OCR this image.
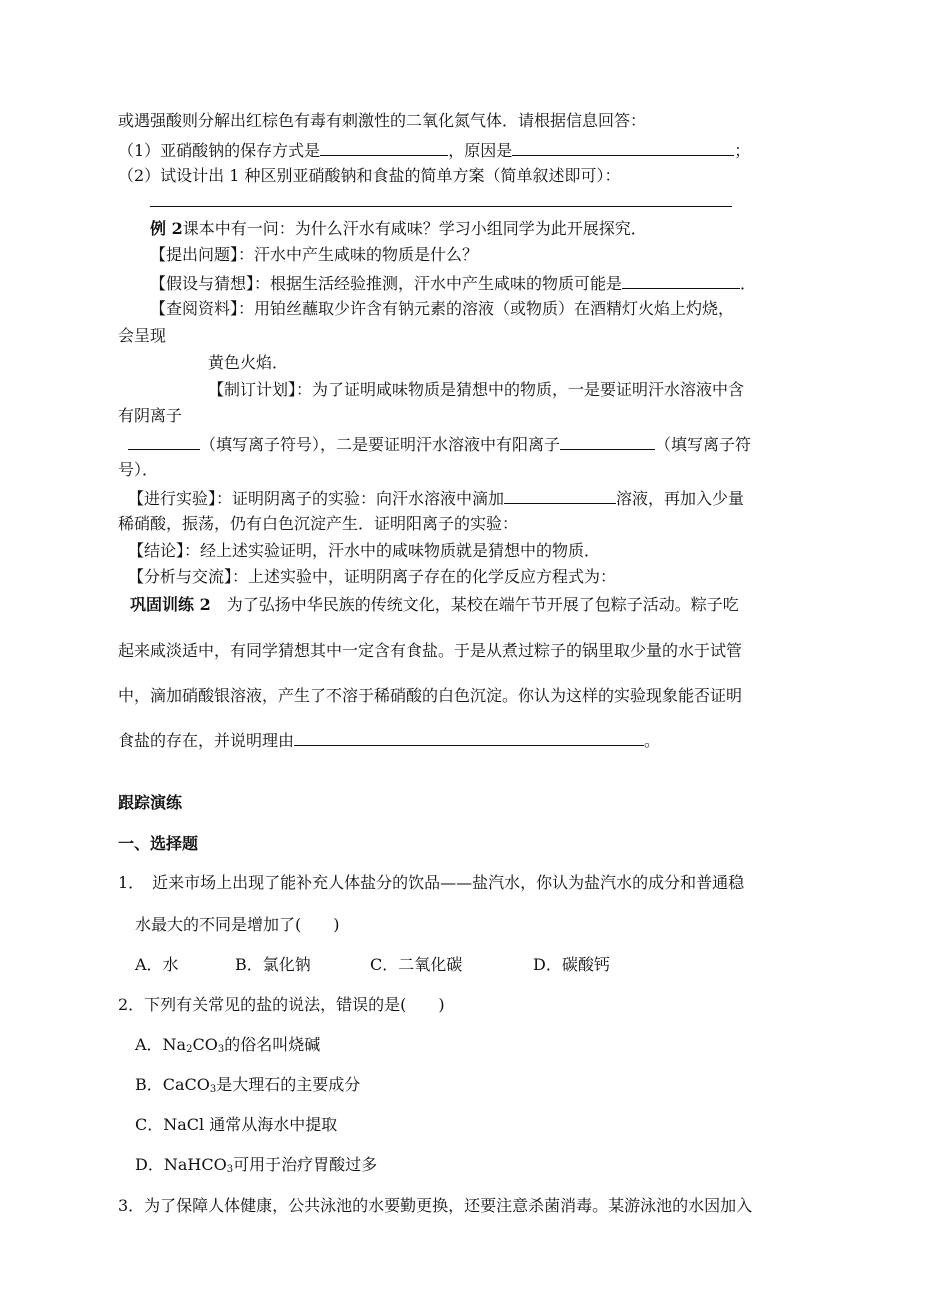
或遇强酸则分解出红棕色有毒有刺激性的二氧化氮气体．请根据信息回答：
（1）亚硝酸钠的保存方式是	，原因是	；
（2）试设计出 1 种区别亚硝酸钠和食盐的简单方案（简单叙述即可）：
例 2课本中有一问：为什么汗水有咸味？学习小组同学为此开展探究．
【提出问题】：汗水中产生咸味的物质是什么？
【假设与猜想】：根据生活经验推测，汗水中产生咸味的物质可能是	．
【查阅资料】：用铂丝蘸取少许含有钠元素的溶液（或物质）在酒精灯火焰上灼烧，
会呈现
黄色火焰．
【制订计划】：为了证明咸味物质是猜想中的物质，一是要证明汗水溶液中含
有阴离子
（填写离子符号），二是要证明汗水溶液中有阳离子	（填写离子符
号）．
【进行实验】：证明阴离子的实验：向汗水溶液中滴加	溶液，再加入少量
稀硝酸，振荡，仍有白色沉淀产生．证明阳离子的实验：
【结论】：经上述实验证明，汗水中的咸味物质就是猜想中的物质．
【分析与交流】：上述实验中，证明阴离子存在的化学反应方程式为：
巩固训练 2　 为了弘扬中华民族的传统文化，某校在端午节开展了包粽子活动。粽子吃
起来咸淡适中，有同学猜想其中一定含有食盐。于是从煮过粽子的锅里取少量的水于试管
中，滴加硝酸银溶液，产生了不溶于稀硝酸的白色沉淀。你认为这样的实验现象能否证明
食盐的存在，并说明理由	。
跟踪演练
一、选择题
1．　近来市场上出现了能补充人体盐分的饮品——盐汽水，你认为盐汽水的成分和普通稳
水最大的不同是增加了(　　)
A．水	B．氯化钠	C．二氧化碳	D．碳酸钙
2．下列有关常见的盐的说法，错误的是(　　)
A．$Na_2CO_3$的俗名叫烧碱
B．CaCO$_3$是大理石的主要成分
C．NaCl 通常从海水中提取
D．NaHCO$_3$可用于治疗胃酸过多
3．为了保障人体健康，公共泳池的水要勤更换，还要注意杀菌消毒。某游泳池的水因加入
